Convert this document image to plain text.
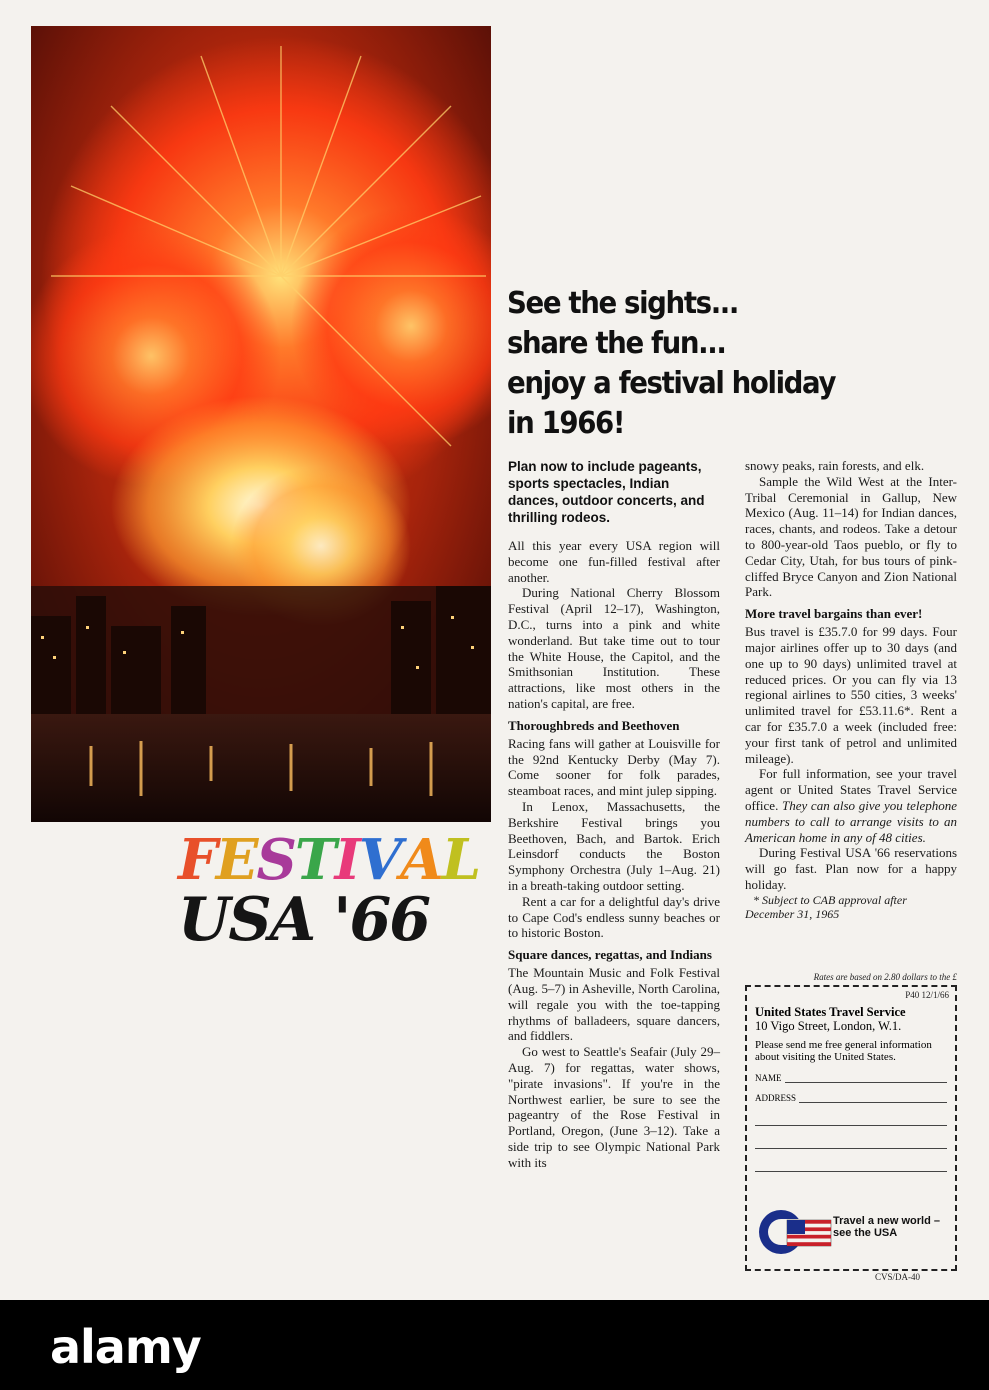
FESTIVAL
USA '66
See the sights...
share the fun...
enjoy a festival holiday
in 1966!
Plan now to include pageants, sports spectacles, Indian dances, outdoor concerts, and thrilling rodeos.

All this year every USA region will become one fun-filled festival after another.

During National Cherry Blossom Festival (April 12–17), Washington, D.C., turns into a pink and white wonderland. But take time out to tour the White House, the Capitol, and the Smithsonian Institution. These attractions, like most others in the nation's capital, are free.

Thoroughbreds and Beethoven

Racing fans will gather at Louisville for the 92nd Kentucky Derby (May 7). Come sooner for folk parades, steamboat races, and mint julep sipping.

In Lenox, Massachusetts, the Berkshire Festival brings you Beethoven, Bach, and Bartok. Erich Leinsdorf conducts the Boston Symphony Orchestra (July 1–Aug. 21) in a breath-taking outdoor setting.

Rent a car for a delightful day's drive to Cape Cod's endless sunny beaches or to historic Boston.

Square dances, regattas, and Indians

The Mountain Music and Folk Festival (Aug. 5–7) in Asheville, North Carolina, will regale you with the toe-tapping rhythms of balladeers, square dancers, and fiddlers.

Go west to Seattle's Seafair (July 29–Aug. 7) for regattas, water shows, "pirate invasions". If you're in the Northwest earlier, be sure to see the pageantry of the Rose Festival in Portland, Oregon, (June 3–12). Take a side trip to see Olympic National Park with its

snowy peaks, rain forests, and elk.

Sample the Wild West at the Inter-Tribal Ceremonial in Gallup, New Mexico (Aug. 11–14) for Indian dances, races, chants, and rodeos. Take a detour to 800-year-old Taos pueblo, or fly to Cedar City, Utah, for bus tours of pink-cliffed Bryce Canyon and Zion National Park.

More travel bargains than ever!

Bus travel is £35.7.0 for 99 days. Four major airlines offer up to 30 days (and one up to 90 days) unlimited travel at reduced prices. Or you can fly via 13 regional airlines to 550 cities, 3 weeks' unlimited travel for £53.11.6*. Rent a car for £35.7.0 a week (included free: your first tank of petrol and unlimited mileage).

For full information, see your travel agent or United States Travel Service office. They can also give you telephone numbers to call to arrange visits to an American home in any of 48 cities.

During Festival USA '66 reservations will go fast. Plan now for a happy holiday.

* Subject to CAB approval after December 31, 1965
Rates are based on 2.80 dollars to the £
P40 12/1/66
United States Travel Service
10 Vigo Street, London, W.1.
Please send me free general information about visiting the United States.
NAME
ADDRESS
Travel a new world –
see the USA
CVS/DA-40
alamy
